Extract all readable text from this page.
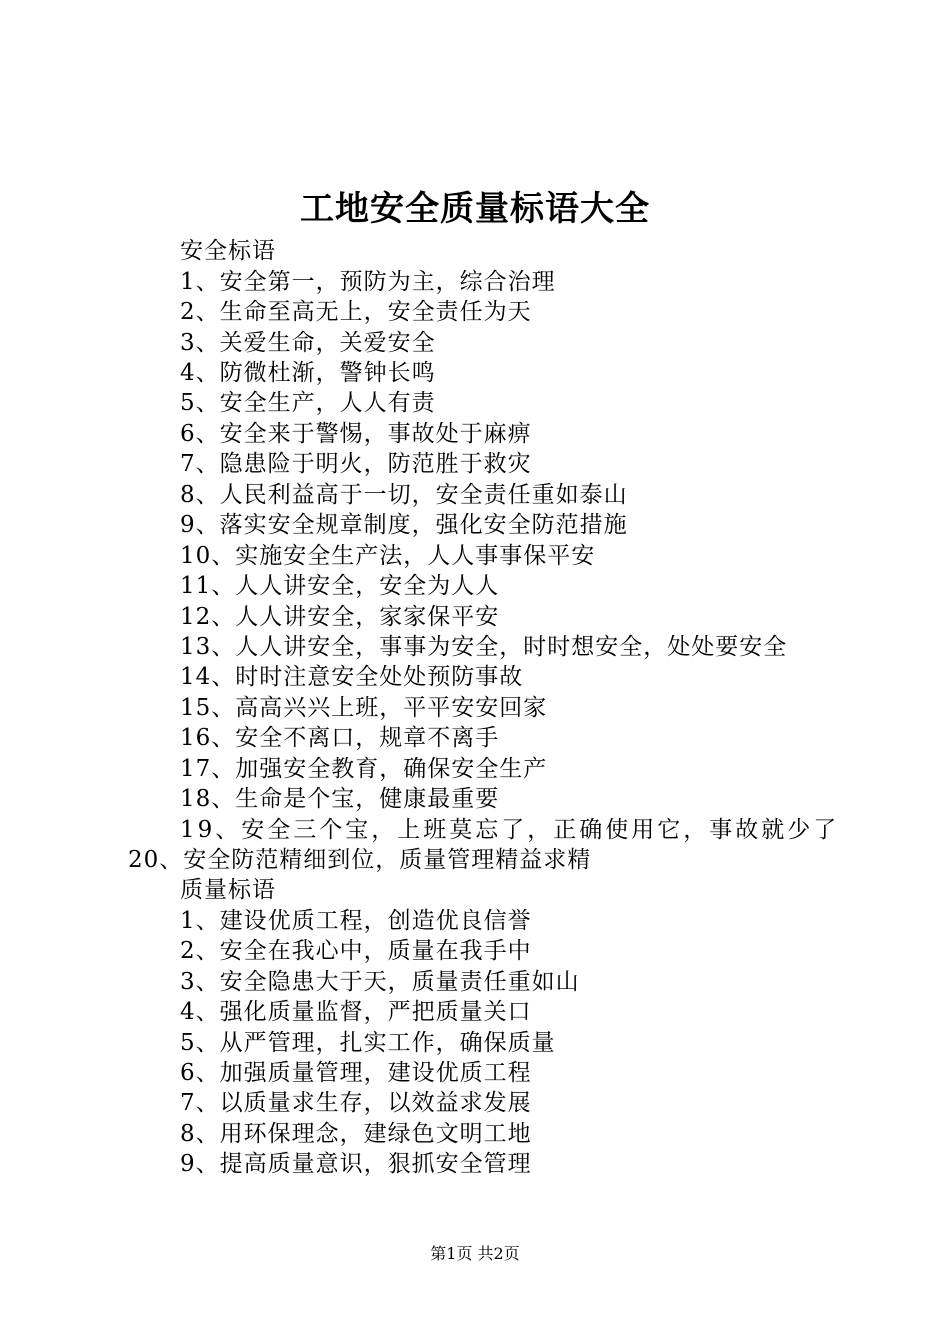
工地安全质量标语大全
安全标语
1、安全第一，预防为主，综合治理
2、生命至高无上，安全责任为天
3、关爱生命，关爱安全
4、防微杜渐，警钟长鸣
5、安全生产，人人有责
6、安全来于警惕，事故处于麻痹
7、隐患险于明火，防范胜于救灾
8、人民利益高于一切，安全责任重如泰山
9、落实安全规章制度，强化安全防范措施
10、实施安全生产法，人人事事保平安
11、人人讲安全，安全为人人
12、人人讲安全，家家保平安
13、人人讲安全，事事为安全，时时想安全，处处要安全
14、时时注意安全处处预防事故
15、高高兴兴上班，平平安安回家
16、安全不离口，规章不离手
17、加强安全教育，确保安全生产
18、生命是个宝，健康最重要
19、安全三个宝，上班莫忘了，正确使用它，事故就少了
20、安全防范精细到位，质量管理精益求精
质量标语
1、建设优质工程，创造优良信誉
2、安全在我心中，质量在我手中
3、安全隐患大于天，质量责任重如山
4、强化质量监督，严把质量关口
5、从严管理，扎实工作，确保质量
6、加强质量管理，建设优质工程
7、以质量求生存，以效益求发展
8、用环保理念，建绿色文明工地
9、提高质量意识，狠抓安全管理
第1页 共2页
